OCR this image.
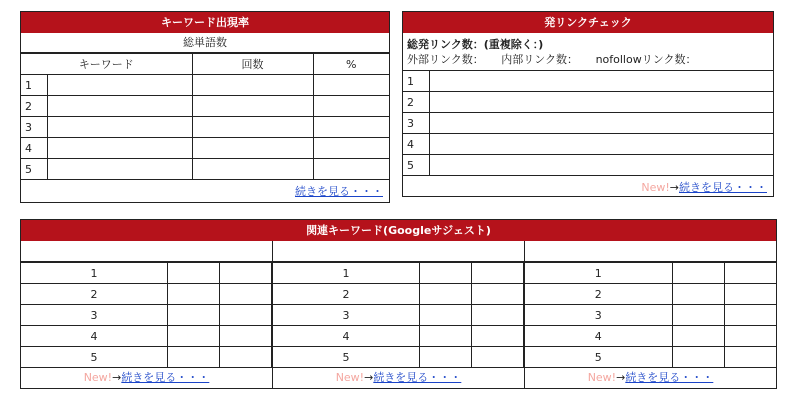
キーワード出現率
総単語数
キーワード		回数	%
1			
2			
3			
4			
5			
続きを見る・・・
発リンクチェック
総発リンク数：(重複除く：)
外部リンク数： 内部リンク数： nofollowリンク数：
1	
2	
3	
4	
5	
New!→続きを見る・・・
関連キーワード(Googleサジェスト)
1		
2		
3		
4		
5		
New!→続きを見る・・・
1		
2		
3		
4		
5		
New!→続きを見る・・・
1		
2		
3		
4		
5		
New!→続きを見る・・・
